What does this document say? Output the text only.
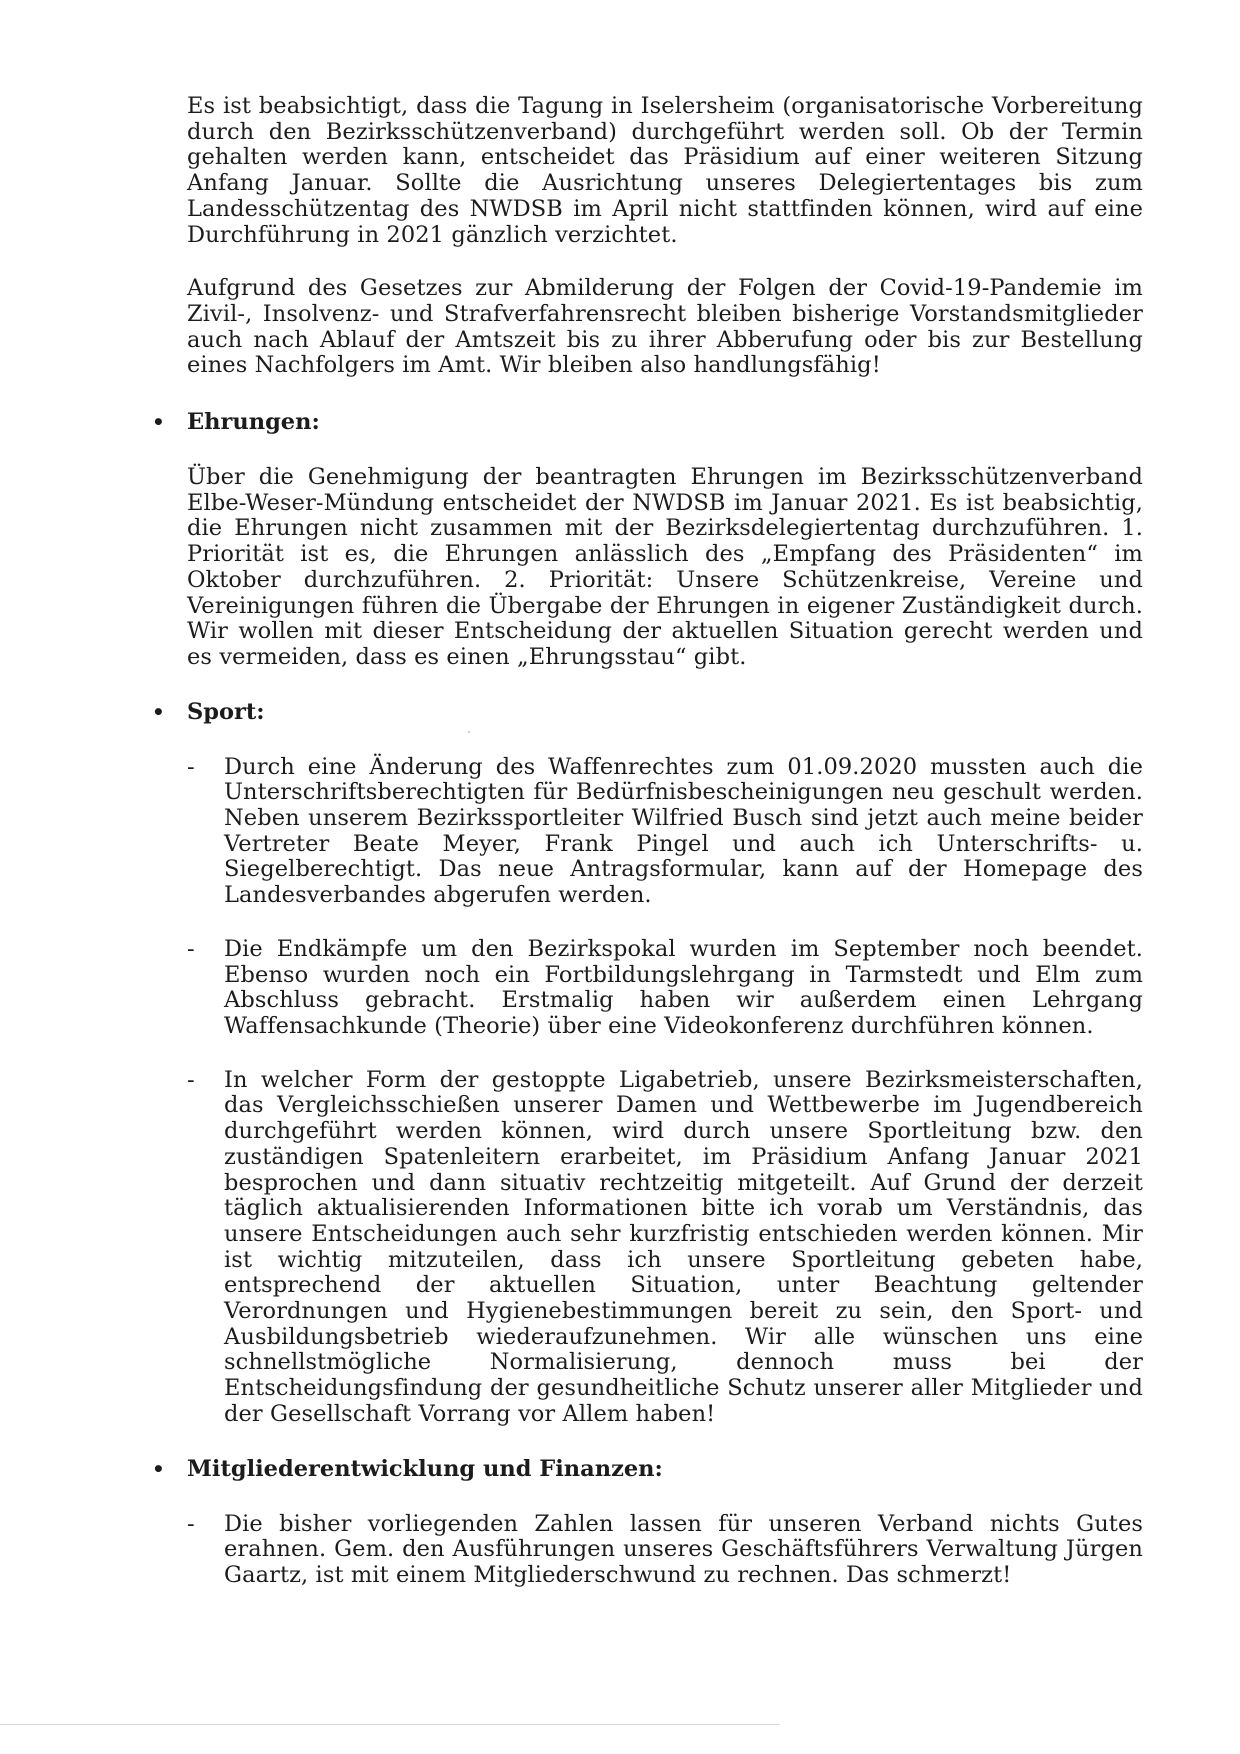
Es ist beabsichtigt, dass die Tagung in Iselersheim (organisatorische Vorbereitung durch den Bezirksschützenverband) durchgeführt werden soll. Ob der Termin gehalten werden kann, entscheidet das Präsidium auf einer weiteren Sitzung Anfang Januar. Sollte die Ausrichtung unseres Delegiertentages bis zum Landesschützentag des NWDSB im April nicht stattfinden können, wird auf eine Durchführung in 2021 gänzlich verzichtet.

Aufgrund des Gesetzes zur Abmilderung der Folgen der Covid-19-Pandemie im Zivil-, Insolvenz- und Strafverfahrensrecht bleiben bisherige Vorstandsmitglieder auch nach Ablauf der Amtszeit bis zu ihrer Abberufung oder bis zur Bestellung eines Nachfolgers im Amt. Wir bleiben also handlungsfähig!

• Ehrungen:

Über die Genehmigung der beantragten Ehrungen im Bezirksschützenverband Elbe-Weser-Mündung entscheidet der NWDSB im Januar 2021. Es ist beabsichtig, die Ehrungen nicht zusammen mit der Bezirksdelegiertentag durchzuführen. 1. Priorität ist es, die Ehrungen anlässlich des „Empfang des Präsidenten“ im Oktober durchzuführen. 2. Priorität: Unsere Schützenkreise, Vereine und Vereinigungen führen die Übergabe der Ehrungen in eigener Zuständigkeit durch. Wir wollen mit dieser Entscheidung der aktuellen Situation gerecht werden und es vermeiden, dass es einen „Ehrungsstau“ gibt.

• Sport:
- Durch eine Änderung des Waffenrechtes zum 01.09.2020 mussten auch die Unterschriftsberechtigten für Bedürfnisbescheinigungen neu geschult werden. Neben unserem Bezirkssportleiter Wilfried Busch sind jetzt auch meine beider Vertreter Beate Meyer, Frank Pingel und auch ich Unterschrifts- u. Siegelberechtigt. Das neue Antragsformular, kann auf der Homepage des Landesverbandes abgerufen werden.

- Die Endkämpfe um den Bezirkspokal wurden im September noch beendet. Ebenso wurden noch ein Fortbildungslehrgang in Tarmstedt und Elm zum Abschluss gebracht. Erstmalig haben wir außerdem einen Lehrgang Waffensachkunde (Theorie) über eine Videokonferenz durchführen können.

- In welcher Form der gestoppte Ligabetrieb, unsere Bezirksmeisterschaften, das Vergleichsschießen unserer Damen und Wettbewerbe im Jugendbereich durchgeführt werden können, wird durch unsere Sportleitung bzw. den zuständigen Spatenleitern erarbeitet, im Präsidium Anfang Januar 2021 besprochen und dann situativ rechtzeitig mitgeteilt. Auf Grund der derzeit täglich aktualisierenden Informationen bitte ich vorab um Verständnis, das unsere Entscheidungen auch sehr kurzfristig entschieden werden können. Mir ist wichtig mitzuteilen, dass ich unsere Sportleitung gebeten habe, entsprechend der aktuellen Situation, unter Beachtung geltender Verordnungen und Hygienebestimmungen bereit zu sein, den Sport- und Ausbildungsbetrieb wiederaufzunehmen. Wir alle wünschen uns eine schnellstmögliche Normalisierung, dennoch muss bei der Entscheidungsfindung der gesundheitliche Schutz unserer aller Mitglieder und der Gesellschaft Vorrang vor Allem haben!

• Mitgliederentwicklung und Finanzen:
- Die bisher vorliegenden Zahlen lassen für unseren Verband nichts Gutes erahnen. Gem. den Ausführungen unseres Geschäftsführers Verwaltung Jürgen Gaartz, ist mit einem Mitgliederschwund zu rechnen. Das schmerzt!
